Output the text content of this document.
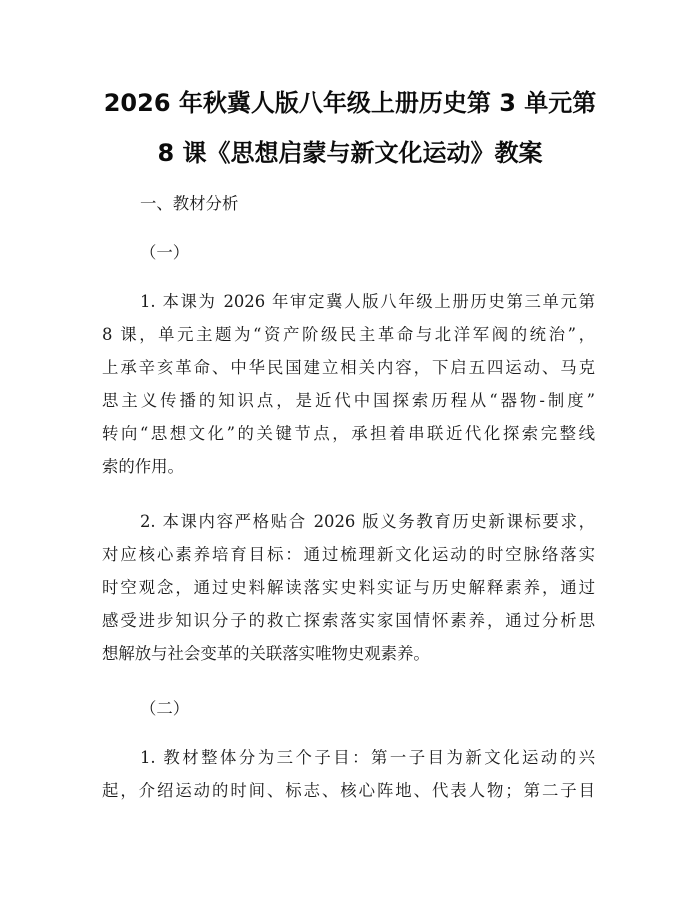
2026 年秋冀人版八年级上册历史第 3 单元第
8 课《思想启蒙与新文化运动》教案
一、教材分析
（一）
1. 本课为 2026 年审定冀人版八年级上册历史第三单元第
8 课，单元主题为“资产阶级民主革命与北洋军阀的统治”，
上承辛亥革命、中华民国建立相关内容，下启五四运动、马克
思主义传播的知识点，是近代中国探索历程从“器物-制度”
转向“思想文化”的关键节点，承担着串联近代化探索完整线
索的作用。
2. 本课内容严格贴合 2026 版义务教育历史新课标要求，
对应核心素养培育目标：通过梳理新文化运动的时空脉络落实
时空观念，通过史料解读落实史料实证与历史解释素养，通过
感受进步知识分子的救亡探索落实家国情怀素养，通过分析思
想解放与社会变革的关联落实唯物史观素养。
（二）
1. 教材整体分为三个子目：第一子目为新文化运动的兴
起，介绍运动的时间、标志、核心阵地、代表人物；第二子目
